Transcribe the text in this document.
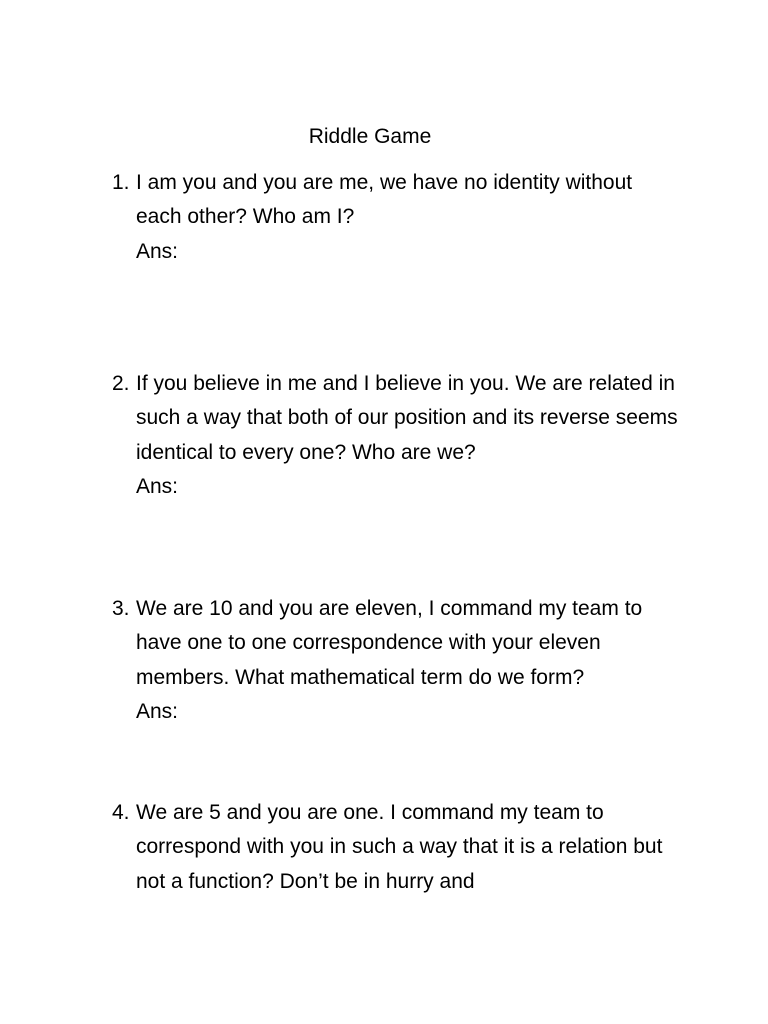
Riddle Game
1. I am you and you are me, we have no identity without each other? Who am I?
Ans:
2. If you believe in me and I believe in you. We are related in such a way that both of our position and its reverse seems identical to every one? Who are we?
Ans:
3. We are 10 and you are eleven, I command my team to have one to one correspondence with your eleven members. What mathematical term do we form?
Ans:
4. We are 5 and you are one. I command my team to correspond with you in such a way that it is a relation but not a function? Don’t be in hurry and
